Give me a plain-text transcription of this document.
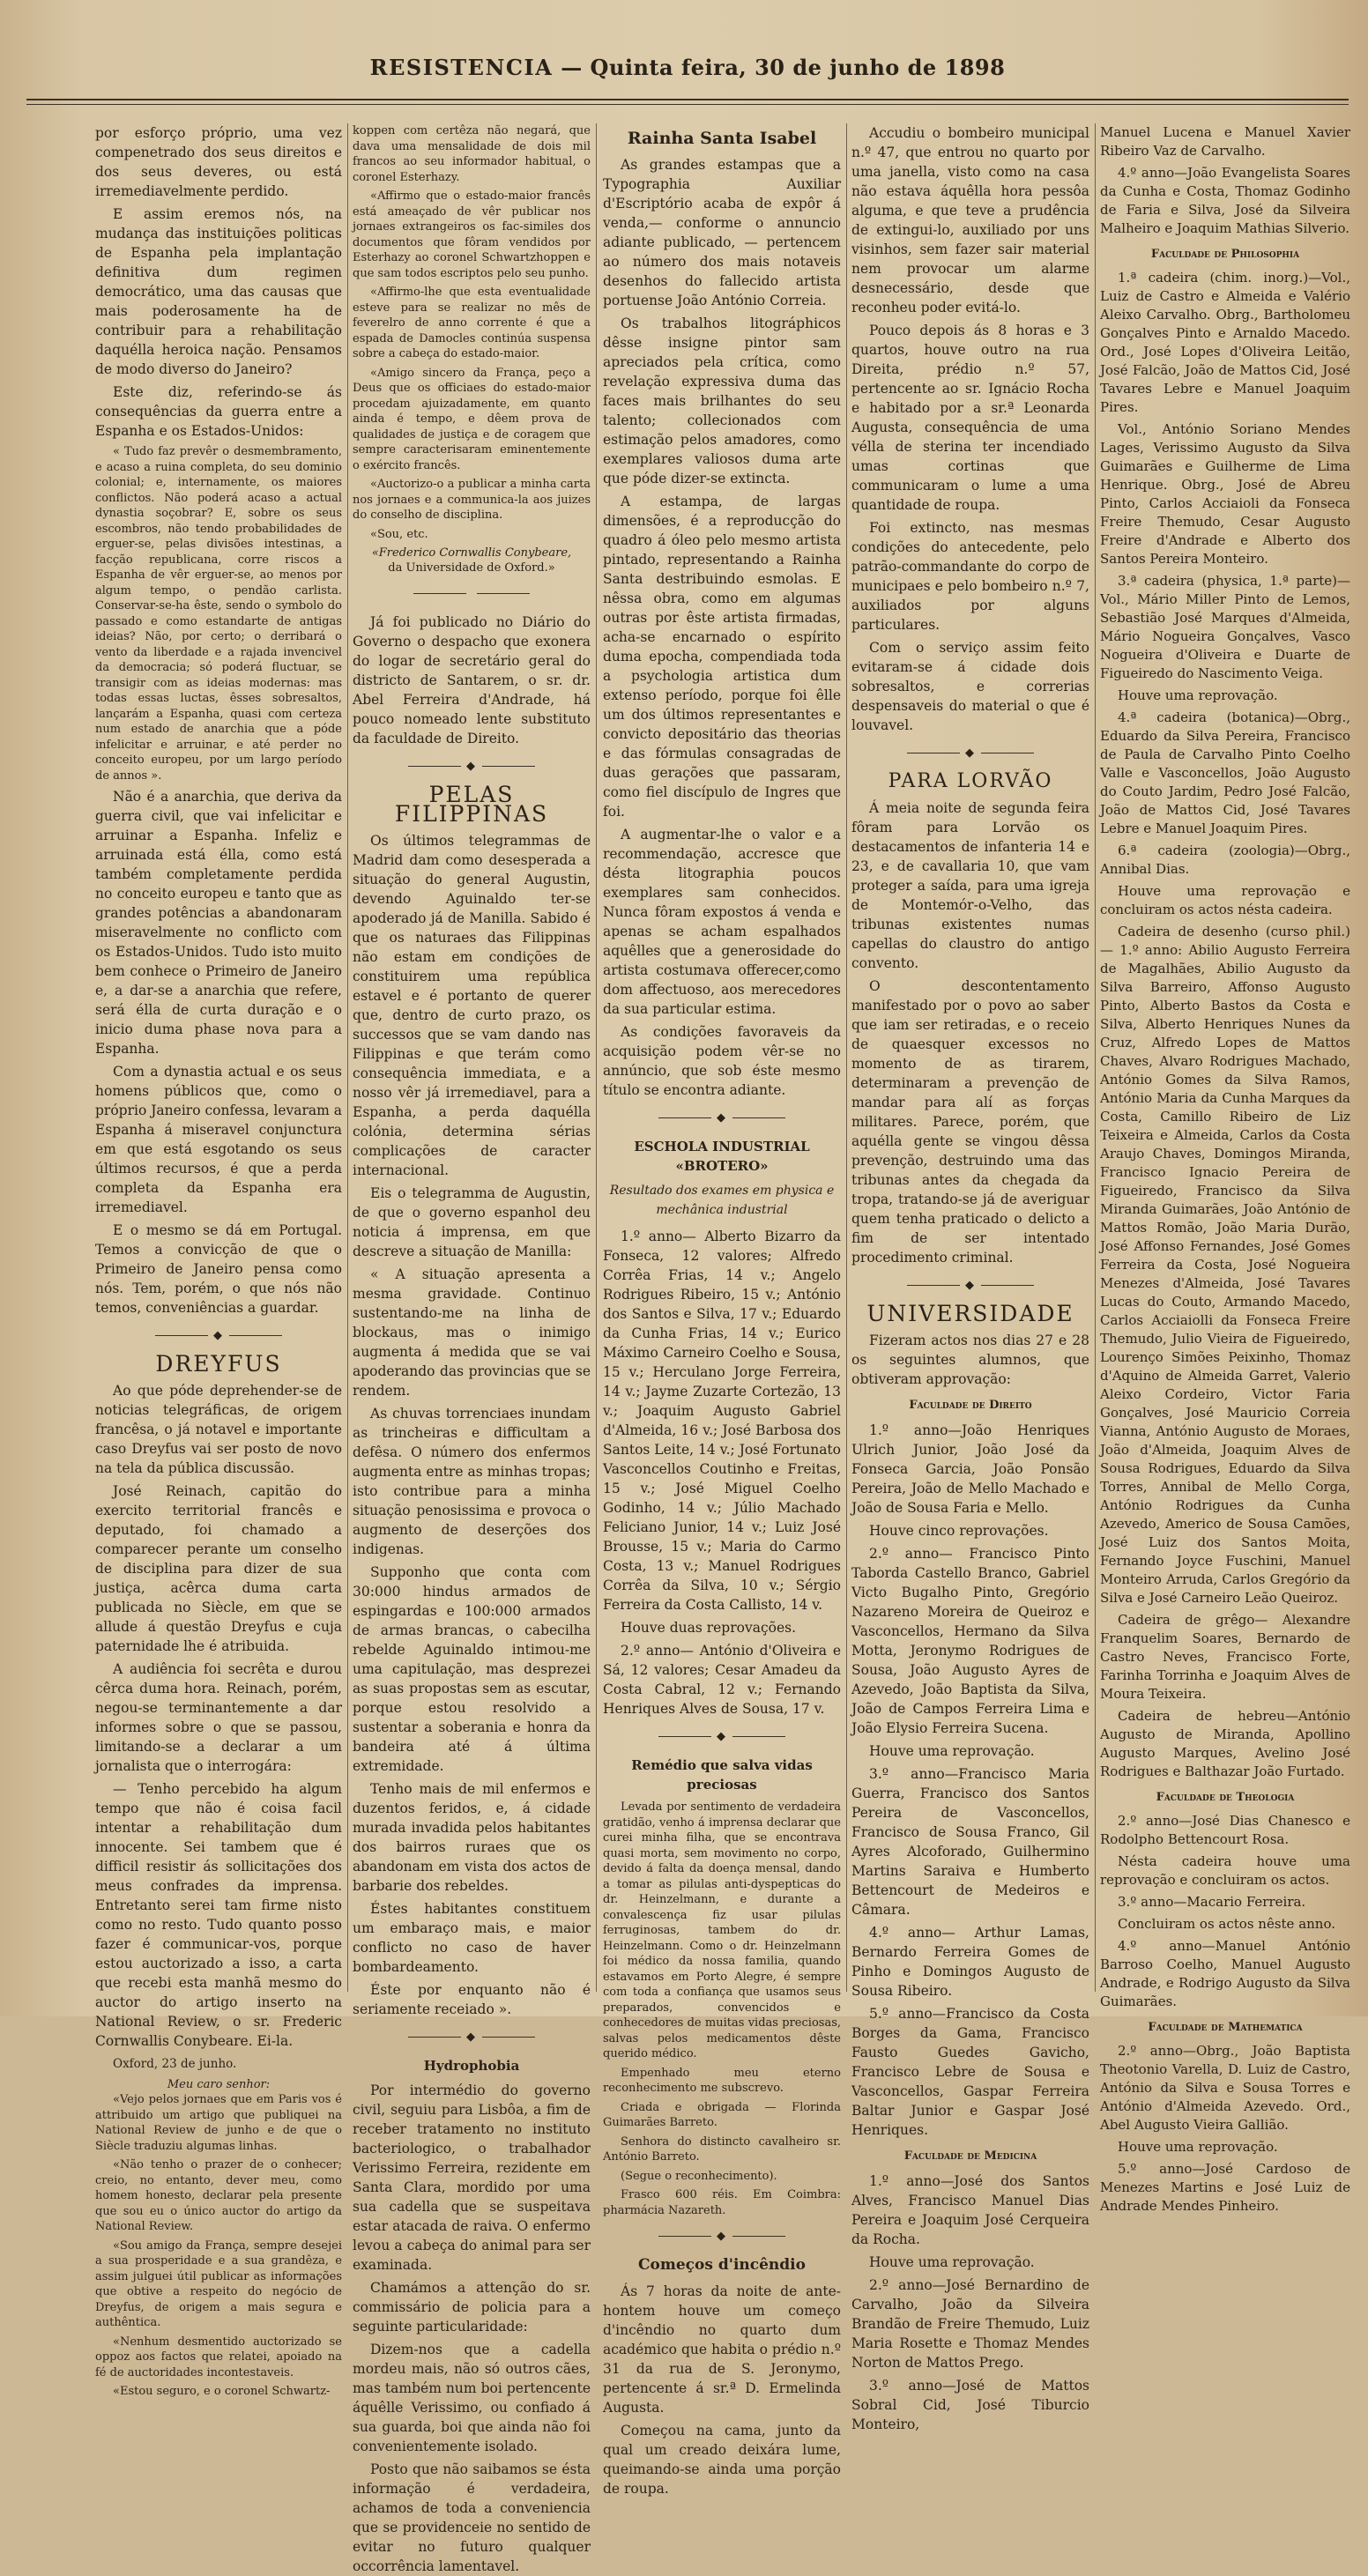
RESISTENCIA — Quinta feira, 30 de junho de 1898

por esforço próprio, uma vez compenetrado dos seus direitos e dos seus deveres, ou está irremediavelmente perdido.

E assim eremos nós, na mudança das instituições politicas de Espanha pela implantação definitiva dum regimen democrático, uma das causas que mais poderosamente ha de contribuir para a rehabilitação daquélla heroica nação. Pensamos de modo diverso do Janeiro?

Este diz, referindo-se ás consequências da guerra entre a Espanha e os Estados-Unidos:

« Tudo faz prevêr o desmembramento, e acaso a ruina completa, do seu dominio colonial; e, internamente, os maiores conflictos. Não poderá acaso a actual dynastia soçobrar? E, sobre os seus escombros, não tendo probabilidades de erguer-se, pelas divisões intestinas, a facção republicana, corre riscos a Espanha de vêr erguer-se, ao menos por algum tempo, o pendão carlista. Conservar-se-ha êste, sendo o symbolo do passado e como estandarte de antigas ideias? Não, por certo; o derribará o vento da liberdade e a rajada invencivel da democracia; só poderá fluctuar, se transigir com as ideias modernas: mas todas essas luctas, êsses sobresaltos, lançarám a Espanha, quasi com certeza num estado de anarchia que a póde infelicitar e arruinar, e até perder no conceito europeu, por um largo período de annos ».

Não é a anarchia, que deriva da guerra civil, que vai infelicitar e arruinar a Espanha. Infeliz e arruinada está élla, como está também completamente perdida no conceito europeu e tanto que as grandes potências a abandonaram miseravelmente no conflicto com os Estados-Unidos. Tudo isto muito bem conhece o Primeiro de Janeiro e, a dar-se a anarchia que refere, será élla de curta duração e o inicio duma phase nova para a Espanha.

Com a dynastia actual e os seus homens públicos que, como o próprio Janeiro confessa, levaram a Espanha á miseravel conjunctura em que está esgotando os seus últimos recursos, é que a perda completa da Espanha era irremediavel.

E o mesmo se dá em Portugal. Temos a convicção de que o Primeiro de Janeiro pensa como nós. Tem, porém, o que nós não temos, conveniências a guardar.

◆
DREYFUS

Ao que póde deprehender-se de noticias telegráficas, de origem francêsa, o já notavel e importante caso Dreyfus vai ser posto de novo na tela da pública discussão.

José Reinach, capitão do exercito territorial francês e deputado, foi chamado a comparecer perante um conselho de disciplina para dizer de sua justiça, acêrca duma carta publicada no Siècle, em que se allude á questão Dreyfus e cuja paternidade lhe é atribuida.

A audiência foi secrêta e durou cêrca duma hora. Reinach, porém, negou-se terminantemente a dar informes sobre o que se passou, limitando-se a declarar a um jornalista que o interrogára:

— Tenho percebido ha algum tempo que não é coisa facil intentar a rehabilitação dum innocente. Sei tambem que é difficil resistir ás sollicitações dos meus confrades da imprensa. Entretanto serei tam firme nisto como no resto. Tudo quanto posso fazer é communicar-vos, porque estou auctorizado a isso, a carta que recebi esta manhã mesmo do auctor do artigo inserto na National Review, o sr. Frederic Cornwallis Conybeare. Ei-la.

Oxford, 23 de junho.

Meu caro senhor:

«Vejo pelos jornaes que em Paris vos é attribuido um artigo que publiquei na National Review de junho e de que o Siècle traduziu algumas linhas.

«Não tenho o prazer de o conhecer; creio, no entanto, dever meu, como homem honesto, declarar pela presente que sou eu o único auctor do artigo da National Review.

«Sou amigo da França, sempre desejei a sua prosperidade e a sua grandêza, e assim julguei útil publicar as informações que obtive a respeito do negócio de Dreyfus, de origem a mais segura e authêntica.

«Nenhum desmentido auctorizado se oppoz aos factos que relatei, apoiado na fé de auctoridades incontestaveis.

«Estou seguro, e o coronel Schwartz-

koppen com certêza não negará, que dava uma mensalidade de dois mil francos ao seu informador habitual, o coronel Esterhazy.

«Affirmo que o estado-maior francês está ameaçado de vêr publicar nos jornaes extrangeiros os fac-similes dos documentos que fôram vendidos por Esterhazy ao coronel Schwartzhoppen e que sam todos escriptos pelo seu punho.

«Affirmo-lhe que esta eventualidade esteve para se realizar no mês de feverelro de anno corrente é que a espada de Damocles continúa suspensa sobre a cabeça do estado-maior.

«Amigo sincero da França, peço a Deus que os officiaes do estado-maior procedam ajuizadamente, em quanto ainda é tempo, e dêem prova de qualidades de justiça e de coragem que sempre caracterisaram eminentemente o exército francês.

«Auctorizo-o a publicar a minha carta nos jornaes e a communica-la aos juizes do conselho de disciplina.

«Sou, etc.

«Frederico Cornwallis Conybeare,
da Universidade de Oxford.»

Já foi publicado no Diário do Governo o despacho que exonera do logar de secretário geral do districto de Santarem, o sr. dr. Abel Ferreira d'Andrade, há pouco nomeado lente substituto da faculdade de Direito.

◆
PELAS FILIPPINAS

Os últimos telegrammas de Madrid dam como desesperada a situação do general Augustin, devendo Aguinaldo ter-se apoderado já de Manilla. Sabido é que os naturaes das Filippinas não estam em condições de constituirem uma república estavel e é portanto de querer que, dentro de curto prazo, os successos que se vam dando nas Filippinas e que terám como consequência immediata, e a nosso vêr já irremediavel, para a Espanha, a perda daquélla colónia, determina sérias complicações de caracter internacional.

Eis o telegramma de Augustin, de que o governo espanhol deu noticia á imprensa, em que descreve a situação de Manilla:

« A situação apresenta a mesma gravidade. Continuo sustentando-me na linha de blockaus, mas o inimigo augmenta á medida que se vai apoderando das provincias que se rendem.

As chuvas torrenciaes inundam as trincheiras e difficultam a defêsa. O número dos enfermos augmenta entre as minhas tropas; isto contribue para a minha situação penosissima e provoca o augmento de deserções dos indigenas.

Supponho que conta com 30:000 hindus armados de espingardas e 100:000 armados de armas brancas, o cabecilha rebelde Aguinaldo intimou-me uma capitulação, mas desprezei as suas propostas sem as escutar, porque estou resolvido a sustentar a soberania e honra da bandeira até á última extremidade.

Tenho mais de mil enfermos e duzentos feridos, e, á cidade murada invadida pelos habitantes dos bairros ruraes que os abandonam em vista dos actos de barbarie dos rebeldes.

Éstes habitantes constituem um embaraço mais, e maior conflicto no caso de haver bombardeamento.

Éste por enquanto não é seriamente receiado ».

◆
Hydrophobia

Por intermédio do governo civil, seguiu para Lisbôa, a fim de receber tratamento no instituto bacteriologico, o trabalhador Verissimo Ferreira, rezidente em Santa Clara, mordido por uma sua cadella que se suspeitava estar atacada de raiva. O enfermo levou a cabeça do animal para ser examinada.

Chamámos a attenção do sr. commissário de policia para a seguinte particularidade:

Dizem-nos que a cadella mordeu mais, não só outros cães, mas também num boi pertencente áquêlle Verissimo, ou confiado á sua guarda, boi que ainda não foi convenientemente isolado.

Posto que não saibamos se ésta informação é verdadeira, achamos de toda a conveniencia que se providenceie no sentido de evitar no futuro qualquer occorrência lamentavel.

Rainha Santa Isabel

As grandes estampas que a Typographia Auxiliar d'Escriptório acaba de expôr á venda,— conforme o annuncio adiante publicado, — pertencem ao número dos mais notaveis desenhos do fallecido artista portuense João António Correia.

Os trabalhos litográphicos dêsse insigne pintor sam apreciados pela crítica, como revelação expressiva duma das faces mais brilhantes do seu talento; collecionados com estimação pelos amadores, como exemplares valiosos duma arte que póde dizer-se extincta.

A estampa, de largas dimensões, é a reproducção do quadro á óleo pelo mesmo artista pintado, representando a Rainha Santa destribuindo esmolas. E nêssa obra, como em algumas outras por êste artista firmadas, acha-se encarnado o espírito duma epocha, compendiada toda a psychologia artistica dum extenso período, porque foi êlle um dos últimos representantes e convicto depositário das theorias e das fórmulas consagradas de duas gerações que passaram, como fiel discípulo de Ingres que foi.

A augmentar-lhe o valor e a recommendação, accresce que désta litographia poucos exemplares sam conhecidos. Nunca fôram expostos á venda e apenas se acham espalhados aquêlles que a generosidade do artista costumava offerecer,como dom affectuoso, aos merecedores da sua particular estima.

As condições favoraveis da acquisição podem vêr-se no annúncio, que sob éste mesmo título se encontra adiante.

◆
ESCHOLA INDUSTRIAL «BROTERO»
Resultado dos exames em physica e mechânica industrial

1.º anno— Alberto Bizarro da Fonseca, 12 valores; Alfredo Corrêa Frias, 14 v.; Angelo Rodrigues Ribeiro, 15 v.; António dos Santos e Silva, 17 v.; Eduardo da Cunha Frias, 14 v.; Eurico Máximo Carneiro Coelho e Sousa, 15 v.; Herculano Jorge Ferreira, 14 v.; Jayme Zuzarte Cortezão, 13 v.; Joaquim Augusto Gabriel d'Almeida, 16 v.; José Barbosa dos Santos Leite, 14 v.; José Fortunato Vasconcellos Coutinho e Freitas, 15 v.; José Miguel Coelho Godinho, 14 v.; Júlio Machado Feliciano Junior, 14 v.; Luiz José Brousse, 15 v.; Maria do Carmo Costa, 13 v.; Manuel Rodrigues Corrêa da Silva, 10 v.; Sérgio Ferreira da Costa Callisto, 14 v.

Houve duas reprovações.

2.º anno— António d'Oliveira e Sá, 12 valores; Cesar Amadeu da Costa Cabral, 12 v.; Fernando Henriques Alves de Sousa, 17 v.

◆
Remédio que salva vidas preciosas

Levada por sentimento de verdadeira gratidão, venho á imprensa declarar que curei minha filha, que se encontrava quasi morta, sem movimento no corpo, devido á falta da doença mensal, dando a tomar as pilulas anti-dyspepticas do dr. Heinzelmann, e durante a convalescença fiz usar pilulas ferruginosas, tambem do dr. Heinzelmann. Como o dr. Heinzelmann foi médico da nossa familia, quando estavamos em Porto Alegre, é sempre com toda a confiança que usamos seus preparados, convencidos e conhecedores de muitas vidas preciosas, salvas pelos medicamentos dêste querido médico.

Empenhado meu eterno reconhecimento me subscrevo.

Criada e obrigada — Florinda Guimarães Barreto.

Senhora do distincto cavalheiro sr. António Barreto.

(Segue o reconhecimento).

Frasco 600 réis. Em Coimbra: pharmácia Nazareth.

◆
Começos d'incêndio

Ás 7 horas da noite de ante-hontem houve um começo d'incêndio no quarto dum académico que habita o prédio n.º 31 da rua de S. Jeronymo, pertencente á sr.ª D. Ermelinda Augusta.

Começou na cama, junto da qual um creado deixára lume, queimando-se ainda uma porção de roupa.

Accudiu o bombeiro municipal n.º 47, que entrou no quarto por uma janella, visto como na casa não estava áquêlla hora pessôa alguma, e que teve a prudência de extingui-lo, auxiliado por uns visinhos, sem fazer sair material nem provocar um alarme desnecessário, desde que reconheu poder evitá-lo.

Pouco depois ás 8 horas e 3 quartos, houve outro na rua Direita, prédio n.º 57, pertencente ao sr. Ignácio Rocha e habitado por a sr.ª Leonarda Augusta, consequência de uma vélla de sterina ter incendiado umas cortinas que communicaram o lume a uma quantidade de roupa.

Foi extincto, nas mesmas condições do antecedente, pelo patrão-commandante do corpo de municipaes e pelo bombeiro n.º 7, auxiliados por alguns particulares.

Com o serviço assim feito evitaram-se á cidade dois sobresaltos, e correrias despensaveis do material o que é louvavel.

◆
PARA LORVÃO

Á meia noite de segunda feira fôram para Lorvão os destacamentos de infanteria 14 e 23, e de cavallaria 10, que vam proteger a saída, para uma igreja de Montemór-o-Velho, das tribunas existentes numas capellas do claustro do antigo convento.

O descontentamento manifestado por o povo ao saber que iam ser retiradas, e o receio de quaesquer excessos no momento de as tirarem, determinaram a prevenção de mandar para alí as forças militares. Parece, porém, que aquélla gente se vingou dêssa prevenção, destruindo uma das tribunas antes da chegada da tropa, tratando-se já de averiguar quem tenha praticado o delicto a fim de ser intentado procedimento criminal.

◆
UNIVERSIDADE

Fizeram actos nos dias 27 e 28 os seguintes alumnos, que obtiveram approvação:

Faculdade de Direito

1.º anno—João Henriques Ulrich Junior, João José da Fonseca Garcia, João Ponsão Pereira, João de Mello Machado e João de Sousa Faria e Mello.

Houve cinco reprovações.

2.º anno— Francisco Pinto Taborda Castello Branco, Gabriel Victo Bugalho Pinto, Gregório Nazareno Moreira de Queiroz e Vasconcellos, Hermano da Silva Motta, Jeronymo Rodrigues de Sousa, João Augusto Ayres de Azevedo, João Baptista da Silva, João de Campos Ferreira Lima e João Elysio Ferreira Sucena.

Houve uma reprovação.

3.º anno—Francisco Maria Guerra, Francisco dos Santos Pereira de Vasconcellos, Francisco de Sousa Franco, Gil Ayres Alcoforado, Guilhermino Martins Saraiva e Humberto Bettencourt de Medeiros e Câmara.

4.º anno— Arthur Lamas, Bernardo Ferreira Gomes de Pinho e Domingos Augusto de Sousa Ribeiro.

5.º anno—Francisco da Costa Borges da Gama, Francisco Fausto Guedes Gavicho, Francisco Lebre de Sousa e Vasconcellos, Gaspar Ferreira Baltar Junior e Gaspar José Henriques.

Faculdade de Medicina

1.º anno—José dos Santos Alves, Francisco Manuel Dias Pereira e Joaquim José Cerqueira da Rocha.

Houve uma reprovação.

2.º anno—José Bernardino de Carvalho, João da Silveira Brandão de Freire Themudo, Luiz Maria Rosette e Thomaz Mendes Norton de Mattos Prego.

3.º anno—José de Mattos Sobral Cid, José Tiburcio Monteiro,

Manuel Lucena e Manuel Xavier Ribeiro Vaz de Carvalho.

4.º anno—João Evangelista Soares da Cunha e Costa, Thomaz Godinho de Faria e Silva, José da Silveira Malheiro e Joaquim Mathias Silverio.

Faculdade de Philosophia

1.ª cadeira (chim. inorg.)—Vol., Luiz de Castro e Almeida e Valério Aleixo Carvalho. Obrg., Bartholomeu Gonçalves Pinto e Arnaldo Macedo. Ord., José Lopes d'Oliveira Leitão, José Falcão, João de Mattos Cid, José Tavares Lebre e Manuel Joaquim Pires.

Vol., António Soriano Mendes Lages, Verissimo Augusto da Silva Guimarães e Guilherme de Lima Henrique. Obrg., José de Abreu Pinto, Carlos Acciaioli da Fonseca Freire Themudo, Cesar Augusto Freire d'Andrade e Alberto dos Santos Pereira Monteiro.

3.ª cadeira (physica, 1.ª parte)—Vol., Mário Miller Pinto de Lemos, Sebastião José Marques d'Almeida, Mário Nogueira Gonçalves, Vasco Nogueira d'Oliveira e Duarte de Figueiredo do Nascimento Veiga.

Houve uma reprovação.

4.ª cadeira (botanica)—Obrg., Eduardo da Silva Pereira, Francisco de Paula de Carvalho Pinto Coelho Valle e Vasconcellos, João Augusto do Couto Jardim, Pedro José Falcão, João de Mattos Cid, José Tavares Lebre e Manuel Joaquim Pires.

6.ª cadeira (zoologia)—Obrg., Annibal Dias.

Houve uma reprovação e concluiram os actos nésta cadeira.

Cadeira de desenho (curso phil.) — 1.º anno: Abilio Augusto Ferreira de Magalhães, Abilio Augusto da Silva Barreiro, Affonso Augusto Pinto, Alberto Bastos da Costa e Silva, Alberto Henriques Nunes da Cruz, Alfredo Lopes de Mattos Chaves, Alvaro Rodrigues Machado, António Gomes da Silva Ramos, António Maria da Cunha Marques da Costa, Camillo Ribeiro de Liz Teixeira e Almeida, Carlos da Costa Araujo Chaves, Domingos Miranda, Francisco Ignacio Pereira de Figueiredo, Francisco da Silva Miranda Guimarães, João António de Mattos Romão, João Maria Durão, José Affonso Fernandes, José Gomes Ferreira da Costa, José Nogueira Menezes d'Almeida, José Tavares Lucas do Couto, Armando Macedo, Carlos Acciaiolli da Fonseca Freire Themudo, Julio Vieira de Figueiredo, Lourenço Simões Peixinho, Thomaz d'Aquino de Almeida Garret, Valerio Aleixo Cordeiro, Victor Faria Gonçalves, José Mauricio Correia Vianna, António Augusto de Moraes, João d'Almeida, Joaquim Alves de Sousa Rodrigues, Eduardo da Silva Torres, Annibal de Mello Corga, António Rodrigues da Cunha Azevedo, Americo de Sousa Camões, José Luiz dos Santos Moita, Fernando Joyce Fuschini, Manuel Monteiro Arruda, Carlos Gregório da Silva e José Carneiro Leão Queiroz.

Cadeira de grêgo— Alexandre Franquelim Soares, Bernardo de Castro Neves, Francisco Forte, Farinha Torrinha e Joaquim Alves de Moura Teixeira.

Cadeira de hebreu—António Augusto de Miranda, Apollino Augusto Marques, Avelino José Rodrigues e Balthazar João Furtado.

Faculdade de Theologia

2.º anno—José Dias Chanesco e Rodolpho Bettencourt Rosa.

Nésta cadeira houve uma reprovação e concluiram os actos.

3.º anno—Macario Ferreira.

Concluiram os actos nêste anno.

4.º anno—Manuel António Barroso Coelho, Manuel Augusto Andrade, e Rodrigo Augusto da Silva Guimarães.

Faculdade de Mathematica

2.º anno—Obrg., João Baptista Theotonio Varella, D. Luiz de Castro, António da Silva e Sousa Torres e António d'Almeida Azevedo. Ord., Abel Augusto Vieira Gallião.

Houve uma reprovação.

5.º anno—José Cardoso de Menezes Martins e José Luiz de Andrade Mendes Pinheiro.
